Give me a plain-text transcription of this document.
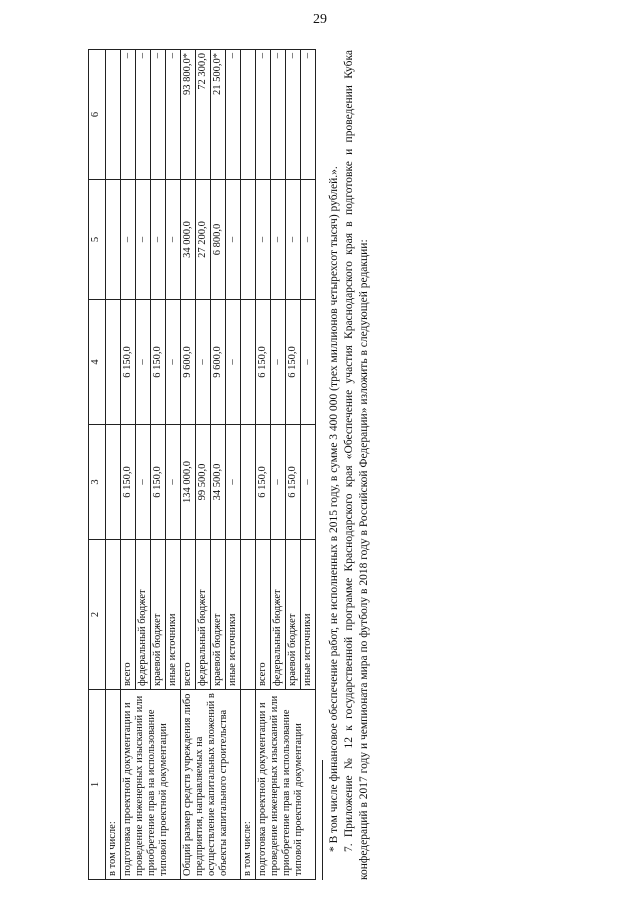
29
1	2	3	4	5	6
в том числе:					
подготовка проектной документации и проведение инженерных изысканий или приобретение прав на использование типовой проектной документации	всего	6 150,0	6 150,0	–	–
	федеральный бюджет	–	–	–	–
	краевой бюджет	6 150,0	6 150,0	–	–
	иные источники	–	–	–	–
Общий размер средств учреждения либо предприятия, направляемых на осуществление капитальных вложений в объекты капитального строительства	всего	134 000,0	9 600,0	34 000,0	93 800,0*
	федеральный бюджет	99 500,0	–	27 200,0	72 300,0
	краевой бюджет	34 500,0	9 600,0	6 800,0	21 500,0*
	иные источники	–	–	–	–
в том числе:					
подготовка проектной документации и проведение инженерных изысканий или приобретение прав на использование типовой проектной документации	всего	6 150,0	6 150,0	–	–
	федеральный бюджет	–	–	–	–
	краевой бюджет	6 150,0	6 150,0	–	–
	иные источники	–	–	–	–
* В том числе финансовое обеспечение работ, не исполненных в 2015 году, в сумме 3 400 000 (трех миллионов четырехсот тысяч) рублей.». 7. Приложение № 12 к государственной программе Краснодарского края «Обеспечение участия Краснодарского края в подготовке и проведении Кубка конфедераций в 2017 году и чемпионата мира по футболу в 2018 году в Российской Федерации» изложить в следующей редакции:
